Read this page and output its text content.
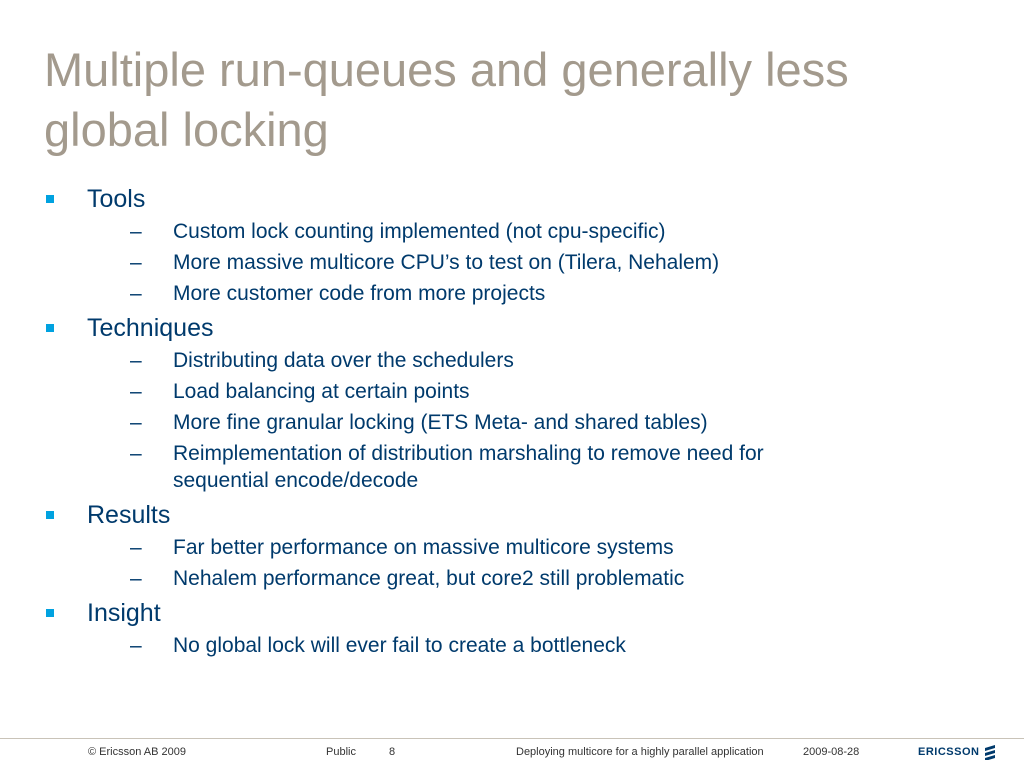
Multiple run-queues and generally less global locking
Tools
– Custom lock counting implemented (not cpu-specific)
– More massive multicore CPU’s to test on (Tilera, Nehalem)
– More customer code from more projects
Techniques
– Distributing data over the schedulers
– Load balancing at certain points
– More fine granular locking (ETS Meta- and shared tables)
– Reimplementation of distribution marshaling to remove need for sequential encode/decode
Results
– Far better performance on massive multicore systems
– Nehalem performance great, but core2 still problematic
Insight
– No global lock will ever fail to create a bottleneck
© Ericsson AB 2009	Public	8	Deploying multicore for a highly parallel application	2009-08-28	ERICSSON
